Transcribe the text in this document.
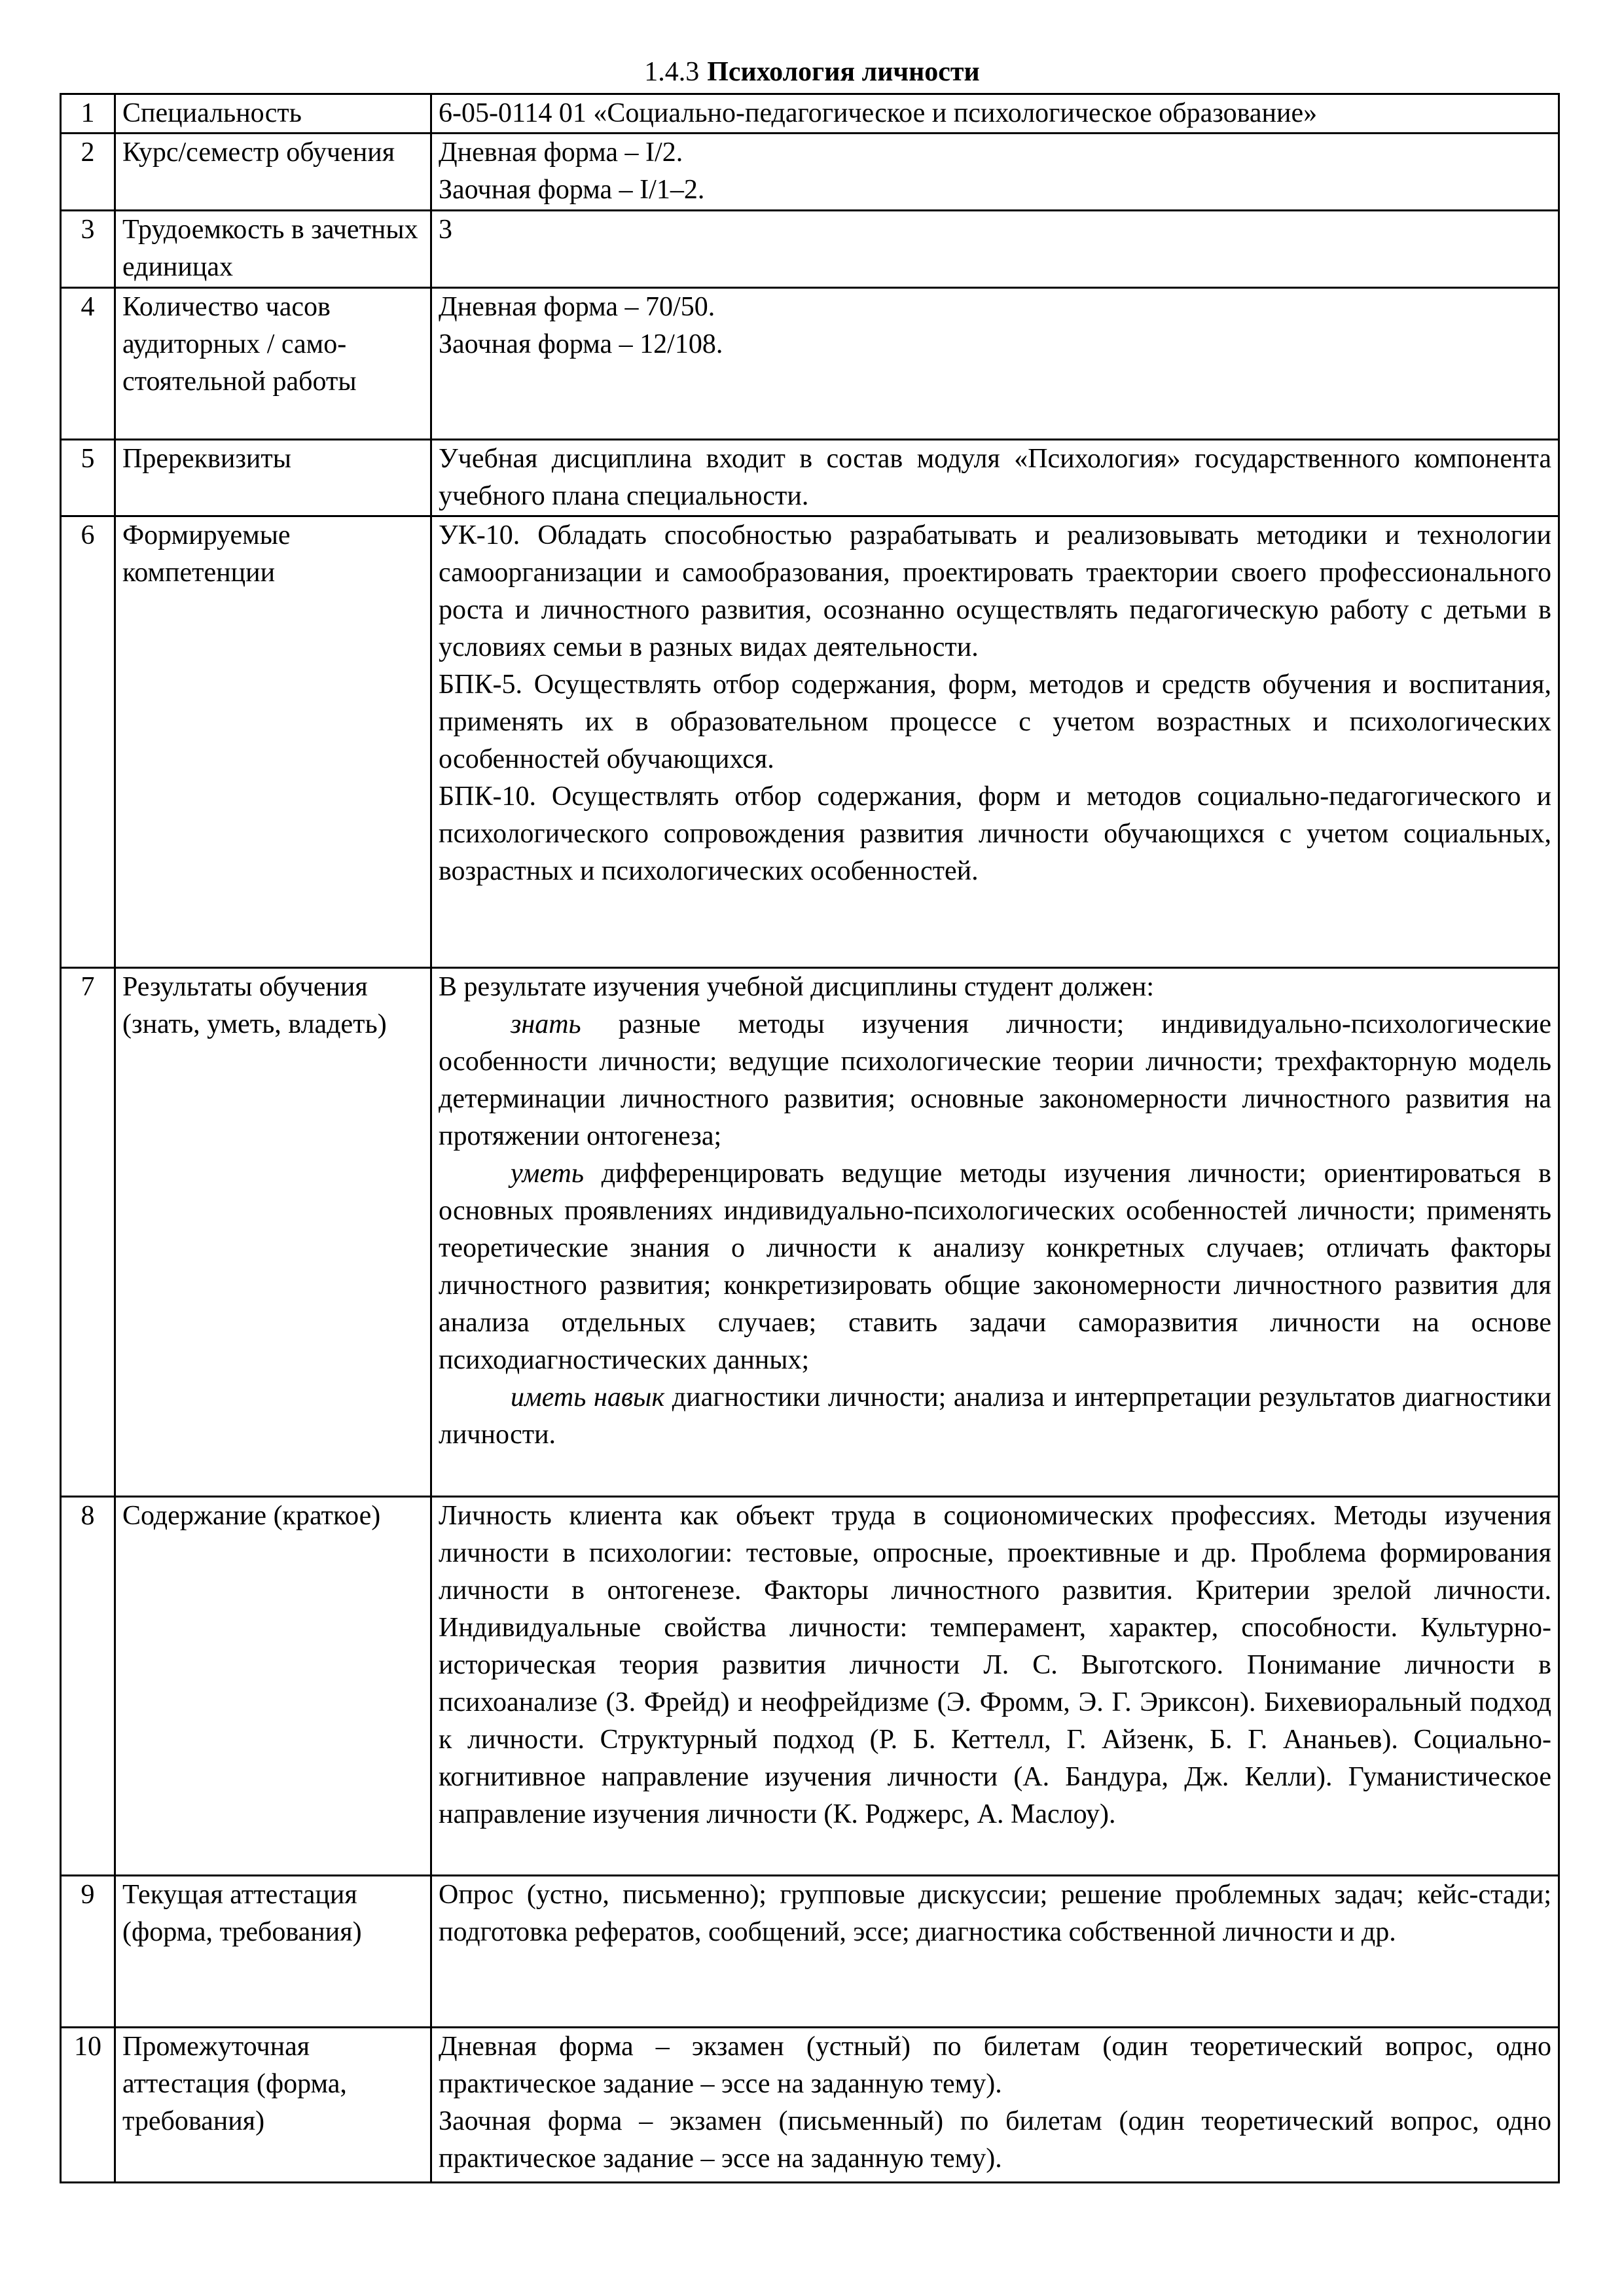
1.4.3 Психология личности
1	Специальность	6-05-0114 01 «Социально-педагогическое и психологическое образование»

2	Курс/семестр обучения	Дневная форма – I/2.
Заочная форма – I/1–2.

3	Трудоемкость в зачетных единицах	3

4	Количество часов аудиторных / само-стоятельной работы	Дневная форма – 70/50.
Заочная форма – 12/108.

5	Пререквизиты	Учебная дисциплина входит в состав модуля «Психология» государственного компонента учебного плана специальности.

6	Формируемые компетенции	УК-10. Обладать способностью разрабатывать и реализовывать методики и технологии самоорганизации и самообразования, проектировать траектории своего профессионального роста и личностного развития, осознанно осуществлять педагогическую работу с детьми в условиях семьи в разных видах деятельности.
БПК-5. Осуществлять отбор содержания, форм, методов и средств обучения и воспитания, применять их в образовательном процессе с учетом возрастных и психологических особенностей обучающихся.
БПК-10. Осуществлять отбор содержания, форм и методов социально-педагогического и психологического сопровождения развития личности обучающихся с учетом социальных, возрастных и психологических особенностей.

7	Результаты обучения (знать, уметь, владеть)	В результате изучения учебной дисциплины студент должен:
знать разные методы изучения личности; индивидуально-психологические особенности личности; ведущие психологические теории личности; трехфакторную модель детерминации личностного развития; основные закономерности личностного развития на протяжении онтогенеза;
уметь дифференцировать ведущие методы изучения личности; ориентироваться в основных проявлениях индивидуально-психологических особенностей личности; применять теоретические знания о личности к анализу конкретных случаев; отличать факторы личностного развития; конкретизировать общие закономерности личностного развития для анализа отдельных случаев; ставить задачи саморазвития личности на основе психодиагностических данных;
иметь навык диагностики личности; анализа и интерпретации результатов диагностики личности.

8	Содержание (краткое)	Личность клиента как объект труда в социономических профессиях. Методы изучения личности в психологии: тестовые, опросные, проективные и др. Проблема формирования личности в онтогенезе. Факторы личностного развития. Критерии зрелой личности. Индивидуальные свойства личности: темперамент, характер, способности. Культурно-историческая теория развития личности Л. С. Выготского. Понимание личности в психоанализе (З. Фрейд) и неофрейдизме (Э. Фромм, Э. Г. Эриксон). Бихевиоральный подход к личности. Структурный подход (Р. Б. Кеттелл, Г. Айзенк, Б. Г. Ананьев). Социально-когнитивное направление изучения личности (А. Бандура, Дж. Келли). Гуманистическое направление изучения личности (К. Роджерс, А. Маслоу).

9	Текущая аттестация (форма, требования)	Опрос (устно, письменно); групповые дискуссии; решение проблемных задач; кейс-стади; подготовка рефератов, сообщений, эссе; диагностика собственной личности и др.

10	Промежуточная аттестация (форма, требования)	Дневная форма – экзамен (устный) по билетам (один теоретический вопрос, одно практическое задание – эссе на заданную тему).
Заочная форма – экзамен (письменный) по билетам (один теоретический вопрос, одно практическое задание – эссе на заданную тему).
